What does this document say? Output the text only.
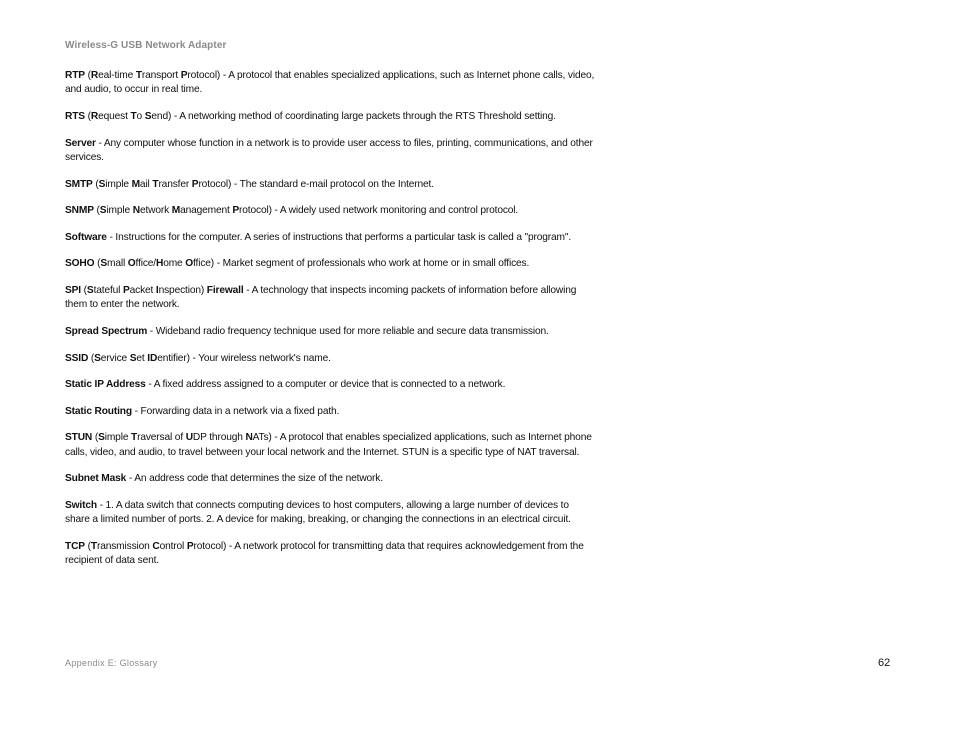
Wireless-G USB Network Adapter

RTP (Real-time Transport Protocol) - A protocol that enables specialized applications, such as Internet phone calls, video, and audio, to occur in real time.

RTS (Request To Send) - A networking method of coordinating large packets through the RTS Threshold setting.

Server - Any computer whose function in a network is to provide user access to files, printing, communications, and other services.

SMTP (Simple Mail Transfer Protocol) - The standard e-mail protocol on the Internet.

SNMP (Simple Network Management Protocol) - A widely used network monitoring and control protocol.

Software - Instructions for the computer. A series of instructions that performs a particular task is called a "program".

SOHO (Small Office/Home Office) - Market segment of professionals who work at home or in small offices.

SPI (Stateful Packet Inspection) Firewall - A technology that inspects incoming packets of information before allowing them to enter the network.

Spread Spectrum - Wideband radio frequency technique used for more reliable and secure data transmission.

SSID (Service Set IDentifier) - Your wireless network's name.

Static IP Address - A fixed address assigned to a computer or device that is connected to a network.

Static Routing - Forwarding data in a network via a fixed path.

STUN (Simple Traversal of UDP through NATs) - A protocol that enables specialized applications, such as Internet phone calls, video, and audio, to travel between your local network and the Internet. STUN is a specific type of NAT traversal.

Subnet Mask - An address code that determines the size of the network.

Switch - 1. A data switch that connects computing devices to host computers, allowing a large number of devices to share a limited number of ports. 2. A device for making, breaking, or changing the connections in an electrical circuit.

TCP (Transmission Control Protocol) - A network protocol for transmitting data that requires acknowledgement from the recipient of data sent.

Appendix E: Glossary	62
